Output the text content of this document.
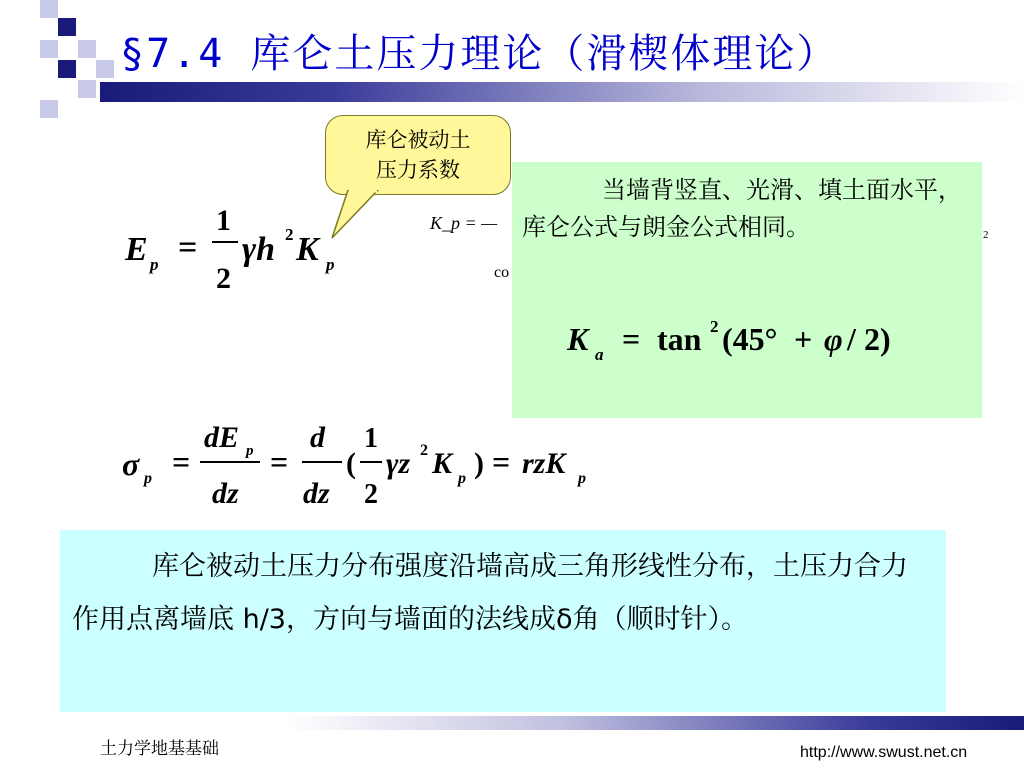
§7.4 库仑土压力理论（滑楔体理论）
库仑被动土
压力系数
E p =
1
2
γh 2 K p
K_p = —
co
2
当墙背竖直、光滑、填土面水平，库仑公式与朗金公式相同。
K a = tan 2 (45° + φ / 2)
σ p =
dE p
dz
=
d
dz
(
1
2
γz 2 K p ) = rzK p
库仑被动土压力分布强度沿墙高成三角形线性分布，土压力合力作用点离墙底 h/3，方向与墙面的法线成δ角（顺时针）。
土力学地基基础	http://www.swust.net.cn
